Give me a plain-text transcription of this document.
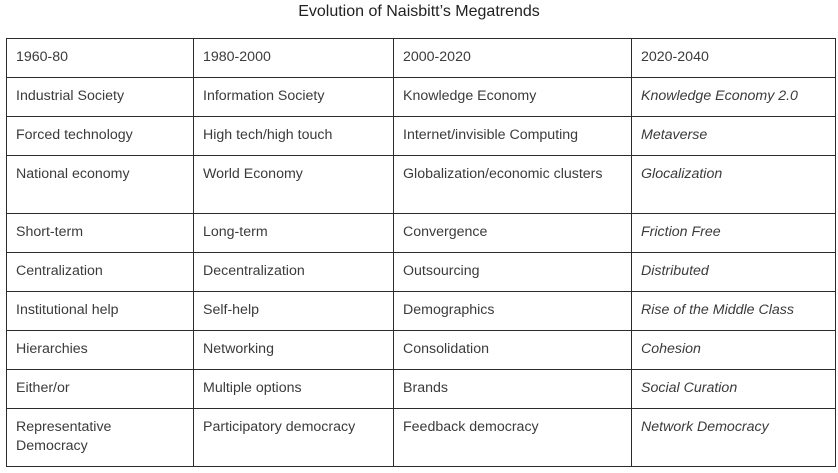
Evolution of Naisbitt’s Megatrends
1960-80	1980-2000	2000-2020	2020-2040
Industrial Society	Information Society	Knowledge Economy	Knowledge Economy 2.0
Forced technology	High tech/high touch	Internet/invisible Computing	Metaverse
National economy	World Economy	Globalization/economic clusters	Glocalization
Short-term	Long-term	Convergence	Friction Free
Centralization	Decentralization	Outsourcing	Distributed
Institutional help	Self-help	Demographics	Rise of the Middle Class
Hierarchies	Networking	Consolidation	Cohesion
Either/or	Multiple options	Brands	Social Curation
Representative Democracy	Participatory democracy	Feedback democracy	Network Democracy
